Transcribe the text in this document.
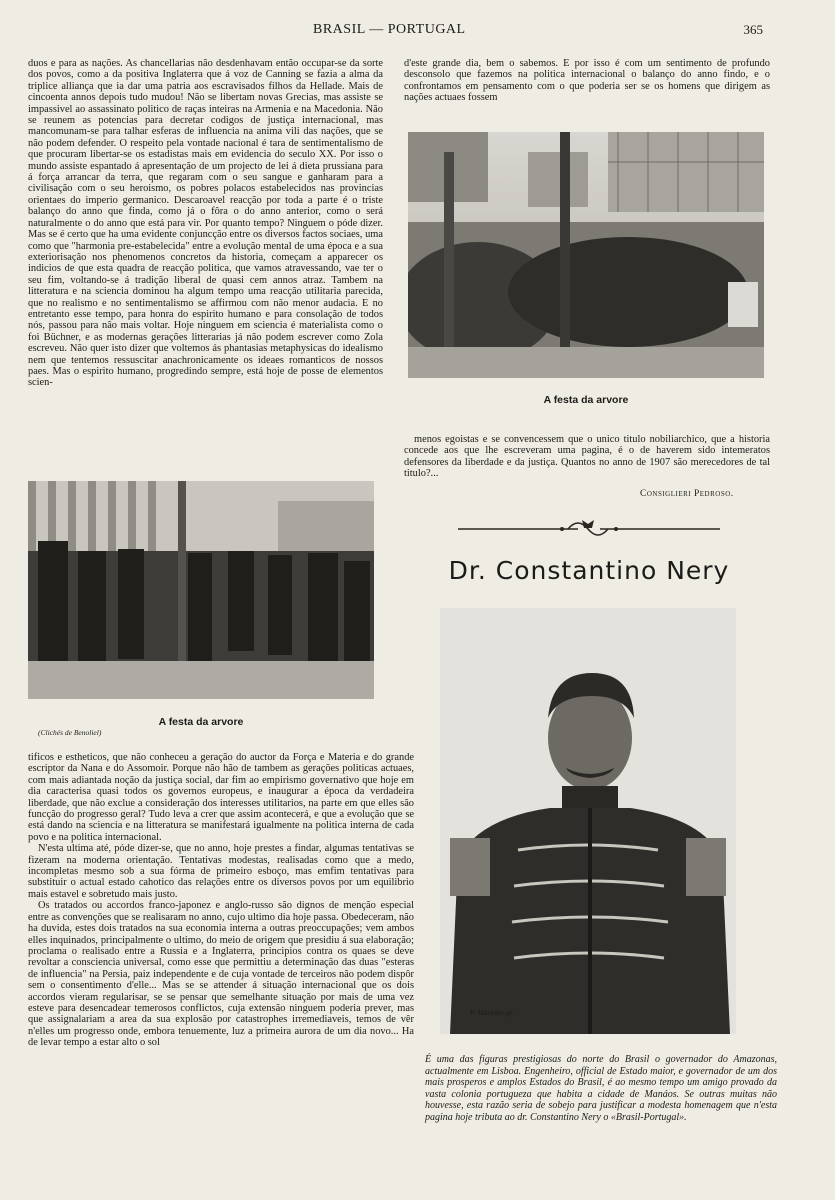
BRASIL — PORTUGAL	365

duos e para as nações. As chancellarias não desdenhavam então occupar-se da sorte dos povos, como a da positiva Inglaterra que á voz de Canning se fazia a alma da triplice alliança que ia dar uma patria aos escravisados filhos da Hellade. Mais de cincoenta annos depois tudo mudou! Não se libertam novas Grecias, mas assiste se impassivel ao assassinato politico de raças inteiras na Armenia e na Macedonia. Não se reunem as potencias para decretar codigos de justiça internacional, mas mancomunam-se para talhar esferas de influencia na anima vili das nações, que se não podem defender. O respeito pela vontade nacional é tara de sentimentalismo de que procuram libertar-se os estadistas mais em evidencia do seculo XX. Por isso o mundo assiste espantado á apresentação de um projecto de lei á dieta prussiana para á força arrancar da terra, que regaram com o seu sangue e ganharam para a civilisação com o seu heroismo, os pobres polacos estabelecidos nas provincias orientaes do imperio germanico. Descaroavel reacção por toda a parte é o triste balanço do anno que finda, como já o fôra o do anno anterior, como o será naturalmente o do anno que está para vir. Por quanto tempo? Ninguem o póde dizer. Mas se é certo que ha uma evidente conjuncção entre os diversos factos sociaes, uma como que "harmonia pre-estabelecida" entre a evolução mental de uma época e a sua exteriorisação nos phenomenos concretos da historia, começam a apparecer os indicios de que esta quadra de reacção politica, que vamos atravessando, vae ter o seu fim, voltando-se á tradição liberal de quasi cem annos atraz. Tambem na litteratura e na sciencia dominou ha algum tempo uma reacção utilitaria parecida, que no realismo e no sentimentalismo se affirmou com não menor audacia. E no entretanto esse tempo, para honra do espirito humano e para consolação de todos nós, passou para não mais voltar. Hoje ninguem em sciencia é materialista como o foi Büchner, e as modernas gerações litterarias já não podem escrever como Zola escreveu. Não quer isto dizer que voltemos ás phantasias metaphysicas do idealismo nem que tentemos ressuscitar anachronicamente os ideaes romanticos de nossos paes. Mas o espirito humano, progredindo sempre, está hoje de posse de elementos scien-

d'este grande dia, bem o sabemos. E por isso é com um sentimento de profundo desconsolo que fazemos na politica internacional o balanço do anno findo, e o confrontamos em pensamento com o que poderia ser se os homens que dirigem as nações actuaes fossem

A festa da arvore

menos egoistas e se convencessem que o unico titulo nobiliarchico, que a historia concede aos que lhe escreveram uma pagina, é o de haverem sido intemeratos defensores da liberdade e da justiça. Quantos no anno de 1907 são merecedores de tal titulo?...

Consiglieri Pedroso.
(Clichés de Benoliel)
A festa da arvore

tificos e estheticos, que não conheceu a geração do auctor da Força e Materia e do grande escriptor da Nana e do Assomoir. Porque não hão de tambem as gerações politicas actuaes, com mais adiantada noção da justiça social, dar fim ao empirismo governativo que hoje em dia caracterisa quasi todos os governos europeus, e inaugurar a época da verdadeira liberdade, que não exclue a consideração dos interesses utilitarios, na parte em que elles são funcção do progresso geral? Tudo leva a crer que assim acontecerá, e que a evolução que se está dando na sciencia e na litteratura se manifestará igualmente na politica interna de cada povo e na politica internacional.

N'esta ultima até, póde dizer-se, que no anno, hoje prestes a findar, algumas tentativas se fizeram na moderna orientação. Tentativas modestas, realisadas como que a medo, incompletas mesmo sob a sua fórma de primeiro esboço, mas emfim tentativas para substituir o actual estado cahotico das relações entre os diversos povos por um equilibrio mais estavel e sobretudo mais justo.

Os tratados ou accordos franco-japonez e anglo-russo são dignos de menção especial entre as convenções que se realisaram no anno, cujo ultimo dia hoje passa. Obedeceram, não ha duvida, estes dois tratados na sua economia interna a outras preoccupações; vem ambos elles inquinados, principalmente o ultimo, do meio de origem que presidiu á sua elaboração; proclama o realisado entre a Russia e a Inglaterra, principios contra os quaes se deve revoltar a consciencia universal, como esse que permittiu a determinação das duas "esteras de influencia" na Persia, paiz independente e de cuja vontade de terceiros não podem dispôr sem o consentimento d'elle... Mas se se attender á situação internacional que os dois accordos vieram regularisar, se se pensar que semelhante situação por mais de uma vez esteve para desencadear temerosos conflictos, cuja extensão ninguem poderia prever, mas que assignalariam a area da sua explosão por catastrophes irremediaveis, temos de vêr n'elles um progresso onde, embora tenuemente, luz a primeira aurora de um dia novo... Ha de levar tempo a estar alto o sol

Dr. Constantino Nery
P. Marinho gr.
É uma das figuras prestigiosas do norte do Brasil o governador do Amazonas, actualmente em Lisboa. Engenheiro, official de Estado maior, e governador de um dos mais prosperos e amplos Estados do Brasil, é ao mesmo tempo um amigo provado da vasta colonia portugueza que habita a cidade de Manáos. Se outras muitas não houvesse, esta razão seria de sobejo para justificar a modesta homenagem que n'esta pagina hoje tributa ao dr. Constantino Nery o «Brasil-Portugal».
